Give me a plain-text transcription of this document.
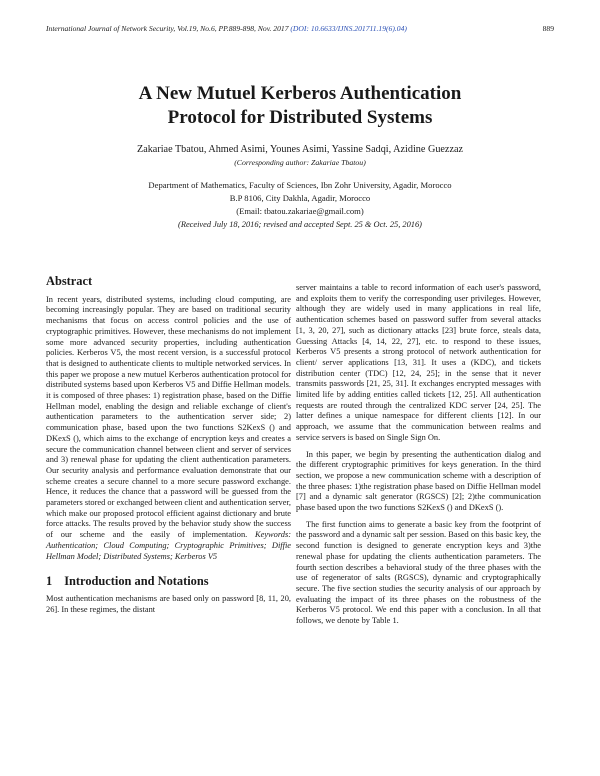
International Journal of Network Security, Vol.19, No.6, PP.889-898, Nov. 2017 (DOI: 10.6633/IJNS.201711.19(6).04)	889
A New Mutuel Kerberos Authentication
Protocol for Distributed Systems
Zakariae Tbatou, Ahmed Asimi, Younes Asimi, Yassine Sadqi, Azidine Guezzaz
(Corresponding author: Zakariae Tbatou)
Department of Mathematics, Faculty of Sciences, Ibn Zohr University, Agadir, Morocco
B.P 8106, City Dakhla, Agadir, Morocco
(Email: tbatou.zakariae@gmail.com)
(Received July 18, 2016; revised and accepted Sept. 25 & Oct. 25, 2016)
Abstract

In recent years, distributed systems, including cloud computing, are becoming increasingly popular. They are based on traditional security mechanisms that focus on access control policies and the use of cryptographic primitives. However, these mechanisms do not implement some more advanced security properties, including authentication policies. Kerberos V5, the most recent version, is a successful protocol that is designed to authenticate clients to multiple networked services. In this paper we propose a new mutuel Kerberos authentication protocol for distributed systems based upon Kerberos V5 and Diffie Hellman models. it is composed of three phases: 1) registration phase, based on the Diffie Hellman model, enabling the design and reliable exchange of client's authentication parameters to the authentication server side; 2) communication phase, based upon the two functions S2KexS () and DKexS (), which aims to the exchange of encryption keys and creates a secure the communication channel between client and server of services and 3) renewal phase for updating the client authentication parameters. Our security analysis and performance evaluation demonstrate that our scheme creates a secure channel to a more secure password exchange. Hence, it reduces the chance that a password will be guessed from the parameters stored or exchanged between client and authentication server, which make our proposed protocol efficient against dictionary and brute force attacks. The results proved by the behavior study show the success of our scheme and the easily of implementation. Keywords: Authentication; Cloud Computing; Cryptographic Primitives; Diffie Hellman Model; Distributed Systems; Kerberos V5

1 Introduction and Notations

Most authentication mechanisms are based only on password [8, 11, 20, 26]. In these regimes, the distant

server maintains a table to record information of each user's password, and exploits them to verify the corresponding user privileges. However, although they are widely used in many applications in real life, authentication schemes based on password suffer from several attacks [1, 3, 20, 27], such as dictionary attacks [23] brute force, steals data, Guessing Attacks [4, 14, 22, 27], etc. to respond to these issues, Kerberos V5 presents a strong protocol of network authentication for client/ server applications [13, 31]. It uses a (KDC), and tickets distribution center (TDC) [12, 24, 25]; in the sense that it never transmits passwords [21, 25, 31]. It exchanges encrypted messages with limited life by adding entities called tickets [12, 25]. All authentication requests are routed through the centralized KDC server [24, 25]. The latter defines a unique namespace for different clients [12]. In our approach, we assume that the communication between realms and service servers is based on Single Sign On.

In this paper, we begin by presenting the authentication dialog and the different cryptographic primitives for keys generation. In the third section, we propose a new communication scheme with a description of the three phases: 1)the registration phase based on Diffie Hellman model [7] and a dynamic salt generator (RGSCS) [2]; 2)the communication phase based upon the two functions S2KexS () and DKexS ().

The first function aims to generate a basic key from the footprint of the password and a dynamic salt per session. Based on this basic key, the second function is designed to generate encryption keys and 3)the renewal phase for updating the clients authentication parameters. The fourth section describes a behavioral study of the three phases with the use of regenerator of salts (RGSCS), dynamic and cryptographically secure. The five section studies the security analysis of our approach by evaluating the impact of its three phases on the robustness of the Kerberos V5 protocol. We end this paper with a conclusion. In all that follows, we denote by Table 1.
